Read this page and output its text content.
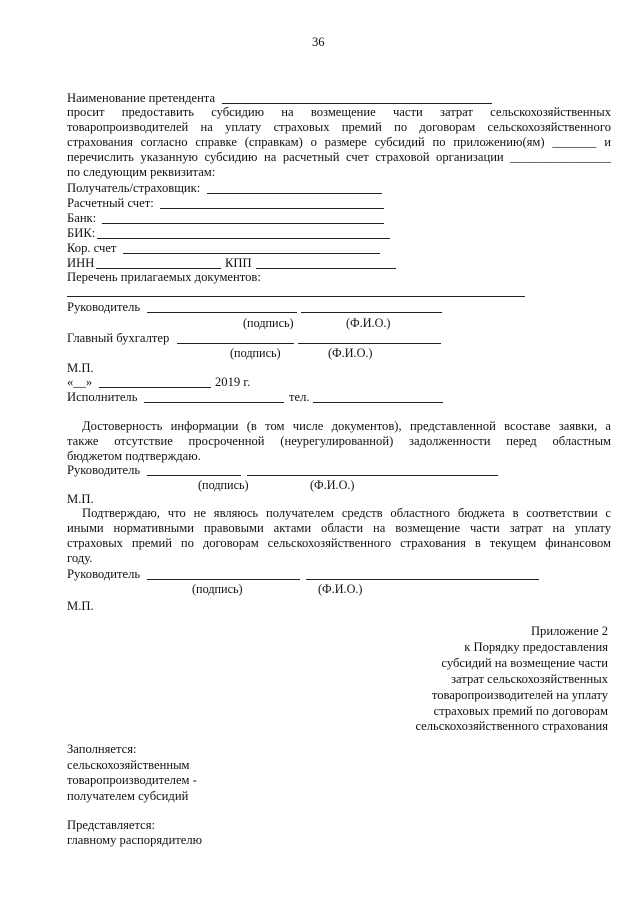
36
Наименование претендента
просит предоставить субсидию на возмещение части затрат сельскохозяйственных
товаропроизводителей на уплату страховых премий по договорам сельскохозяйственного
страхования согласно справке (справкам) о размере субсидий по приложению(ям) _______ и
перечислить указанную субсидию на расчетный счет страховой организации ________________
по следующим реквизитам:
Получатель/страховщик:
Расчетный счет:
Банк:
БИК:
Кор. счет
ИНН	КПП
Перечень прилагаемых документов:
Руководитель
(подпись)	(Ф.И.О.)
Главный бухгалтер
(подпись)	(Ф.И.О.)
М.П.
«__»	2019 г.
Исполнитель	тел.
Достоверность информации (в том числе документов), представленной всоставе заявки, а
также отсутствие просроченной (неурегулированной) задолженности перед областным
бюджетом подтверждаю.
Руководитель
(подпись)	(Ф.И.О.)
М.П.
Подтверждаю, что не являюсь получателем средств областного бюджета в соответствии с
иными нормативными правовыми актами области на возмещение части затрат на уплату
страховых премий по договорам сельскохозяйственного страхования в текущем финансовом
году.
Руководитель
(подпись)	(Ф.И.О.)
М.П.
Приложение 2
к Порядку предоставления
субсидий на возмещение части
затрат сельскохозяйственных
товаропроизводителей на уплату
страховых премий по договорам
сельскохозяйственного страхования
Заполняется:
сельскохозяйственным
товаропроизводителем -
получателем субсидий
Представляется:
главному распорядителю
